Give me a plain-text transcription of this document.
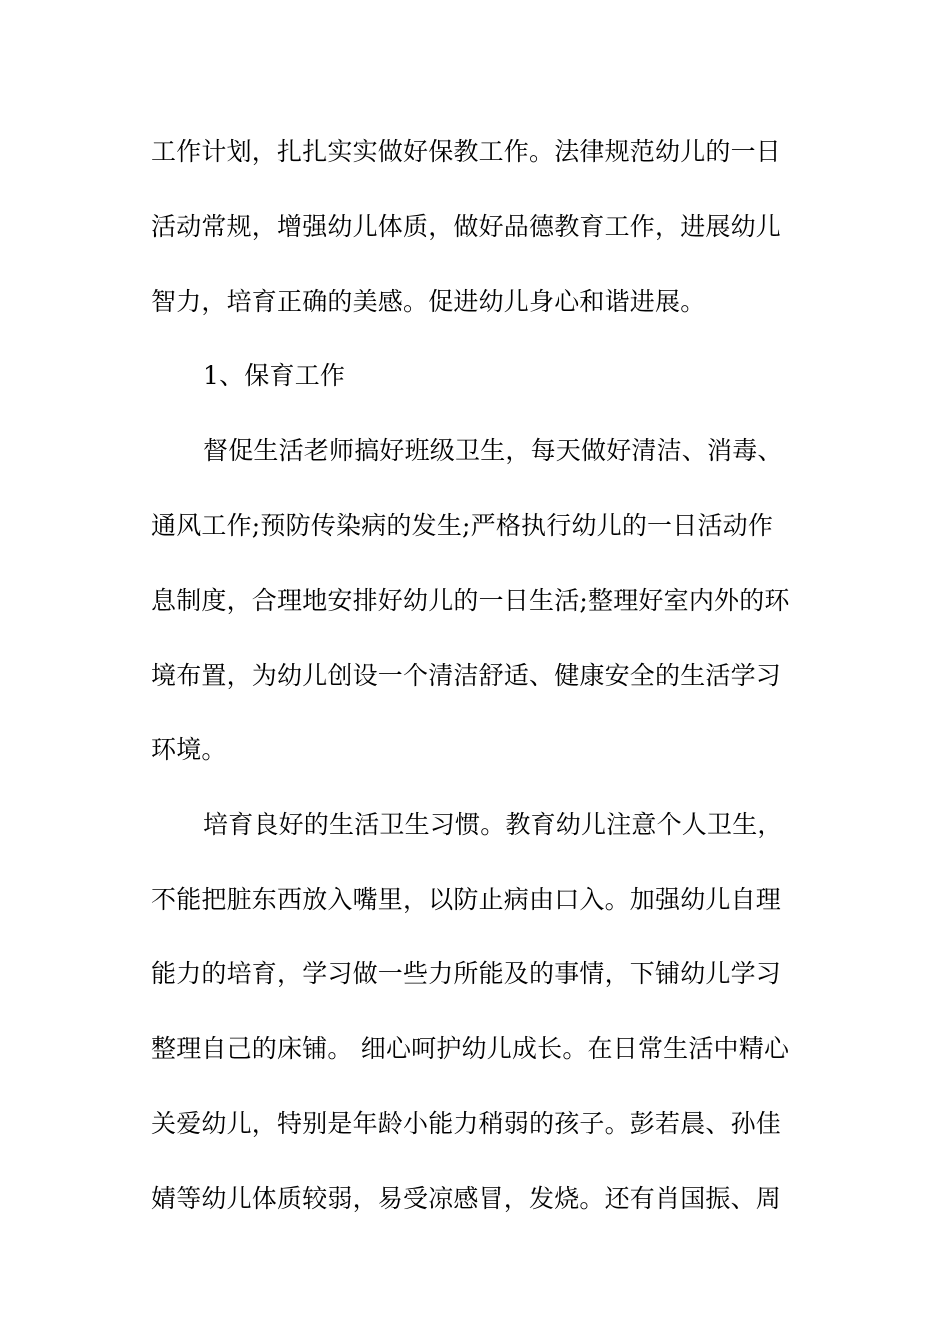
工作计划，扎扎实实做好保教工作。法律规范幼儿的一日
活动常规，增强幼儿体质，做好品德教育工作，进展幼儿
智力，培育正确的美感。促进幼儿身心和谐进展。
1、保育工作
督促生活老师搞好班级卫生，每天做好清洁、消毒、
通风工作;预防传染病的发生;严格执行幼儿的一日活动作
息制度，合理地安排好幼儿的一日生活;整理好室内外的环
境布置，为幼儿创设一个清洁舒适、健康安全的生活学习
环境。
培育良好的生活卫生习惯。教育幼儿注意个人卫生，
不能把脏东西放入嘴里，以防止病由口入。加强幼儿自理
能力的培育，学习做一些力所能及的事情，下铺幼儿学习
整理自己的床铺。 细心呵护幼儿成长。在日常生活中精心
关爱幼儿，特别是年龄小能力稍弱的孩子。彭若晨、孙佳
婧等幼儿体质较弱，易受凉感冒，发烧。还有肖国振、周
